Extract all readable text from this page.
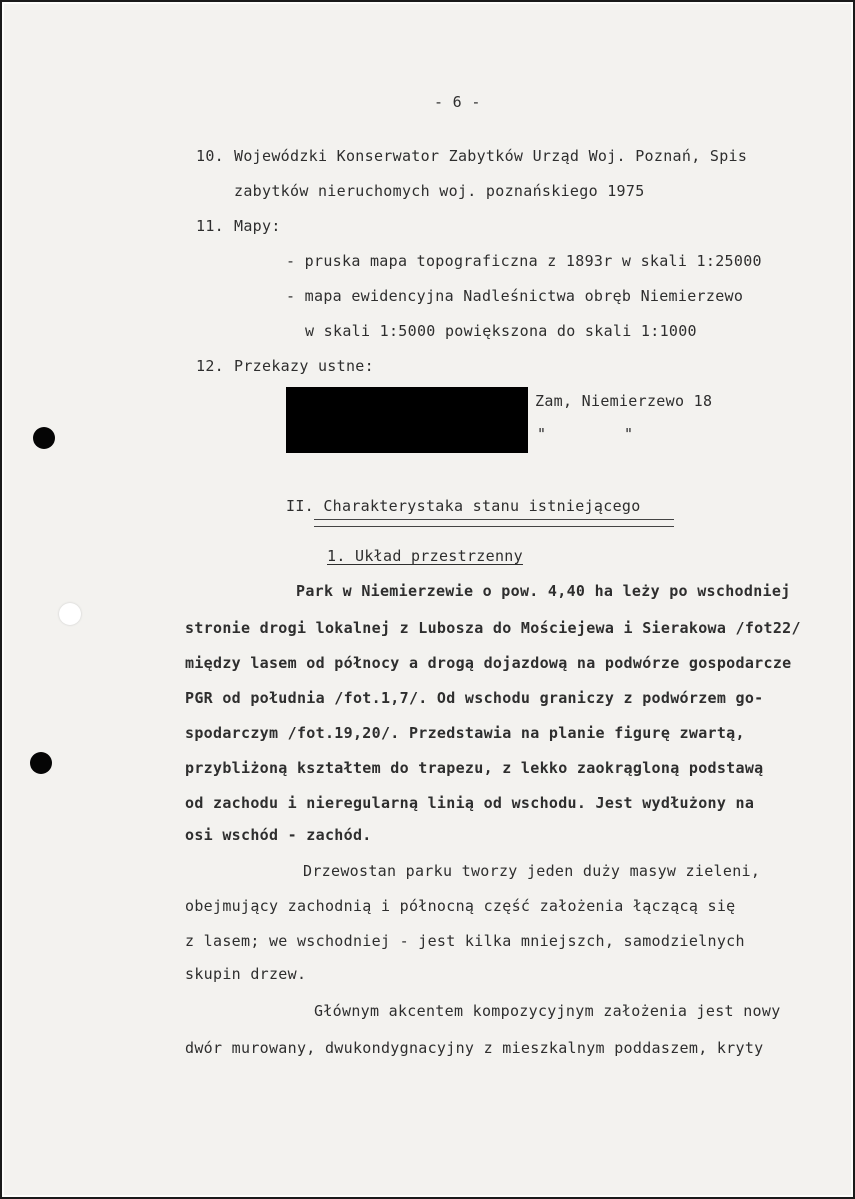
- 6 -
10. Wojewódzki Konserwator Zabytków Urząd Woj. Poznań, Spis
zabytków nieruchomych woj. poznańskiego 1975
11. Mapy:
- pruska mapa topograficzna z 1893r w skali 1:25000
- mapa ewidencyjna Nadleśnictwa obręb Niemierzewo
w skali 1:5000 powiększona do skali 1:1000
12. Przekazy ustne:
Zam, Niemierzewo 18
"	"
II. Charakterystaka stanu istniejącego
1. Układ przestrzenny
Park w Niemierzewie o pow. 4,40 ha leży po wschodniej
stronie drogi lokalnej z Lubosza do Mościejewa i Sierakowa /fot22/
między lasem od północy a drogą dojazdową na podwórze gospodarcze
PGR od południa /fot.1,7/. Od wschodu graniczy z podwórzem go-
spodarczym /fot.19,20/. Przedstawia na planie figurę zwartą,
przybliżoną kształtem do trapezu, z lekko zaokrągloną podstawą
od zachodu i nieregularną linią od wschodu. Jest wydłużony na
osi wschód - zachód.
Drzewostan parku tworzy jeden duży masyw zieleni,
obejmujący zachodnią i północną część założenia łączącą się
z lasem; we wschodniej - jest kilka mniejszch, samodzielnych
skupin drzew.
Głównym akcentem kompozycyjnym założenia jest nowy
dwór murowany, dwukondygnacyjny z mieszkalnym poddaszem, kryty
